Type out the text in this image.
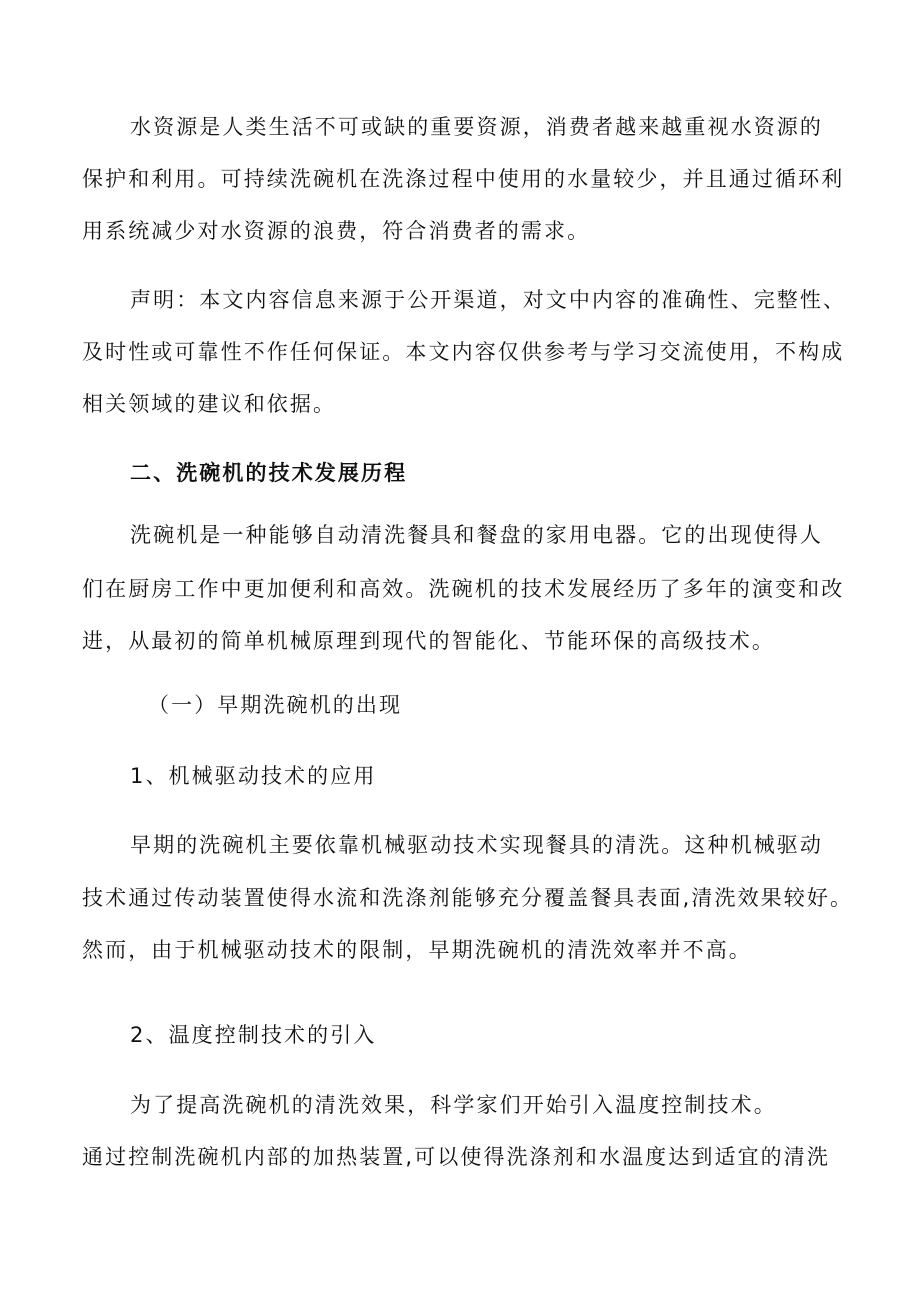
水资源是人类生活不可或缺的重要资源，消费者越来越重视水资源的
保护和利用。可持续洗碗机在洗涤过程中使用的水量较少，并且通过循环利
用系统减少对水资源的浪费，符合消费者的需求。
声明：本文内容信息来源于公开渠道，对文中内容的准确性、完整性、
及时性或可靠性不作任何保证。本文内容仅供参考与学习交流使用，不构成
相关领域的建议和依据。
二、洗碗机的技术发展历程
洗碗机是一种能够自动清洗餐具和餐盘的家用电器。它的出现使得人
们在厨房工作中更加便利和高效。洗碗机的技术发展经历了多年的演变和改
进，从最初的简单机械原理到现代的智能化、节能环保的高级技术。
（一）早期洗碗机的出现
1、机械驱动技术的应用
早期的洗碗机主要依靠机械驱动技术实现餐具的清洗。这种机械驱动
技术通过传动装置使得水流和洗涤剂能够充分覆盖餐具表面,清洗效果较好。
然而，由于机械驱动技术的限制，早期洗碗机的清洗效率并不高。
2、温度控制技术的引入
为了提高洗碗机的清洗效果，科学家们开始引入温度控制技术。
通过控制洗碗机内部的加热装置,可以使得洗涤剂和水温度达到适宜的清洗
